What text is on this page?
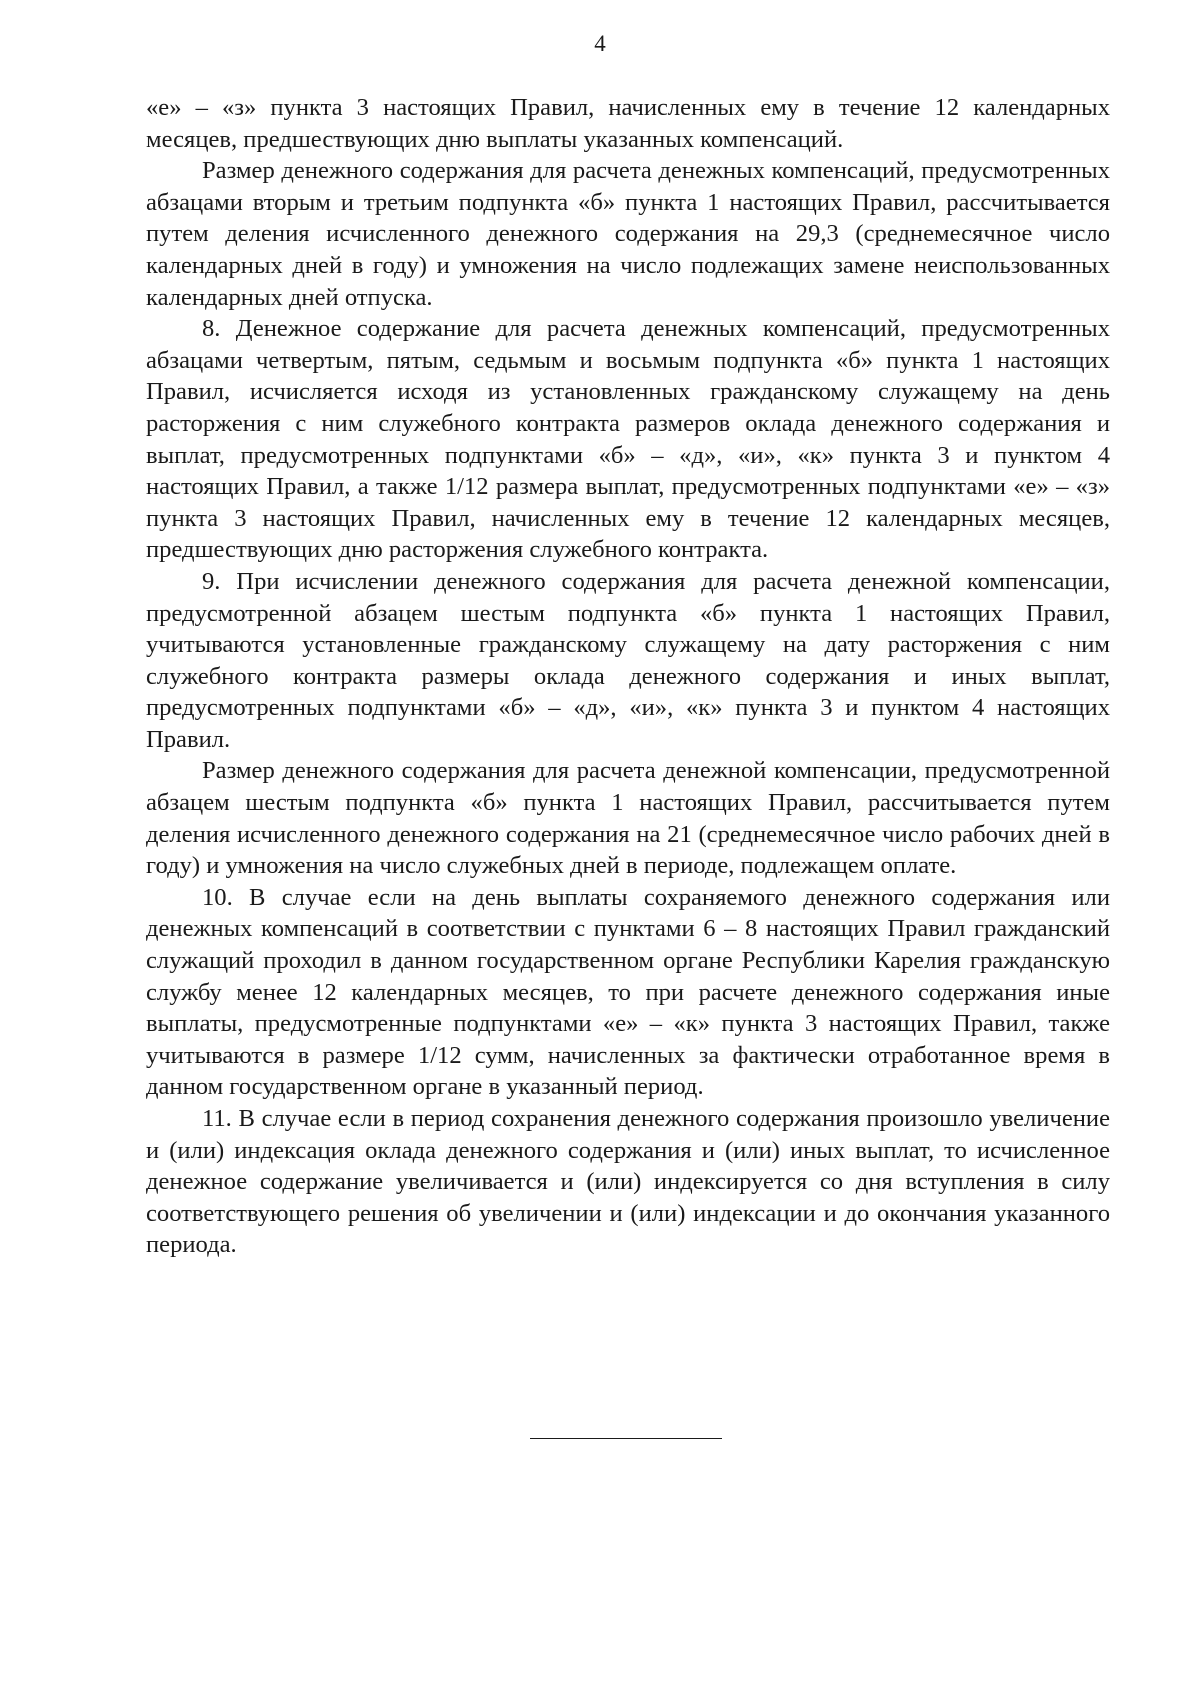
4

«е» – «з» пункта 3 настоящих Правил, начисленных ему в течение 12 календарных месяцев, предшествующих дню выплаты указанных компенсаций.

Размер денежного содержания для расчета денежных компенсаций, предусмотренных абзацами вторым и третьим подпункта «б» пункта 1 настоящих Правил, рассчитывается путем деления исчисленного денежного содержания на 29,3 (среднемесячное число календарных дней в году) и умножения на число подлежащих замене неиспользованных календарных дней отпуска.

8. Денежное содержание для расчета денежных компенсаций, предусмотренных абзацами четвертым, пятым, седьмым и восьмым подпункта «б» пункта 1 настоящих Правил, исчисляется исходя из установленных гражданскому служащему на день расторжения с ним служебного контракта размеров оклада денежного содержания и выплат, предусмотренных подпунктами «б» – «д», «и», «к» пункта 3 и пунктом 4 настоящих Правил, а также 1/12 размера выплат, предусмотренных подпунктами «е» – «з» пункта 3 настоящих Правил, начисленных ему в течение 12 календарных месяцев, предшествующих дню расторжения служебного контракта.

9. При исчислении денежного содержания для расчета денежной компенсации, предусмотренной абзацем шестым подпункта «б» пункта 1 настоящих Правил, учитываются установленные гражданскому служащему на дату расторжения с ним служебного контракта размеры оклада денежного содержания и иных выплат, предусмотренных подпунктами «б» – «д», «и», «к» пункта 3 и пунктом 4 настоящих Правил.

Размер денежного содержания для расчета денежной компенсации, предусмотренной абзацем шестым подпункта «б» пункта 1 настоящих Правил, рассчитывается путем деления исчисленного денежного содержания на 21 (среднемесячное число рабочих дней в году) и умножения на число служебных дней в периоде, подлежащем оплате.

10. В случае если на день выплаты сохраняемого денежного содержания или денежных компенсаций в соответствии с пунктами 6 – 8 настоящих Правил гражданский служащий проходил в данном государственном органе Республики Карелия гражданскую службу менее 12 календарных месяцев, то при расчете денежного содержания иные выплаты, предусмотренные подпунктами «е» – «к» пункта 3 настоящих Правил, также учитываются в размере 1/12 сумм, начисленных за фактически отработанное время в данном государственном органе в указанный период.

11. В случае если в период сохранения денежного содержания произошло увеличение и (или) индексация оклада денежного содержания и (или) иных выплат, то исчисленное денежное содержание увеличивается и (или) индексируется со дня вступления в силу соответствующего решения об увеличении и (или) индексации и до окончания указанного периода.
